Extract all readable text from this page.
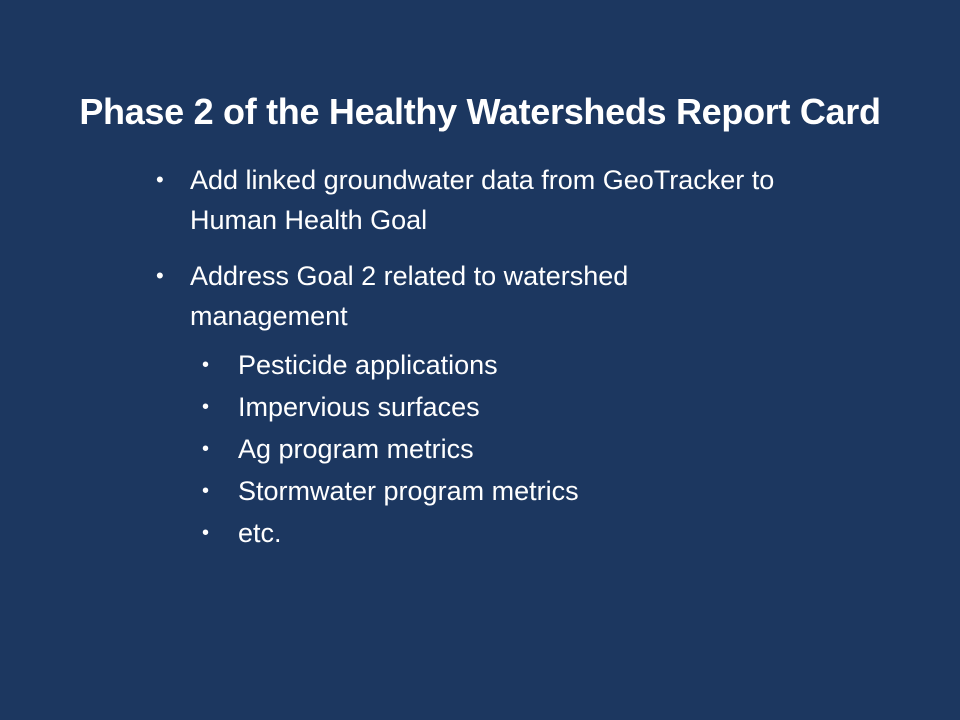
Phase 2 of the Healthy Watersheds Report Card
• Add linked groundwater data from GeoTracker to Human Health Goal
• Address Goal 2 related to watershed management
• Pesticide applications
• Impervious surfaces
• Ag program metrics
• Stormwater program metrics
• etc.
